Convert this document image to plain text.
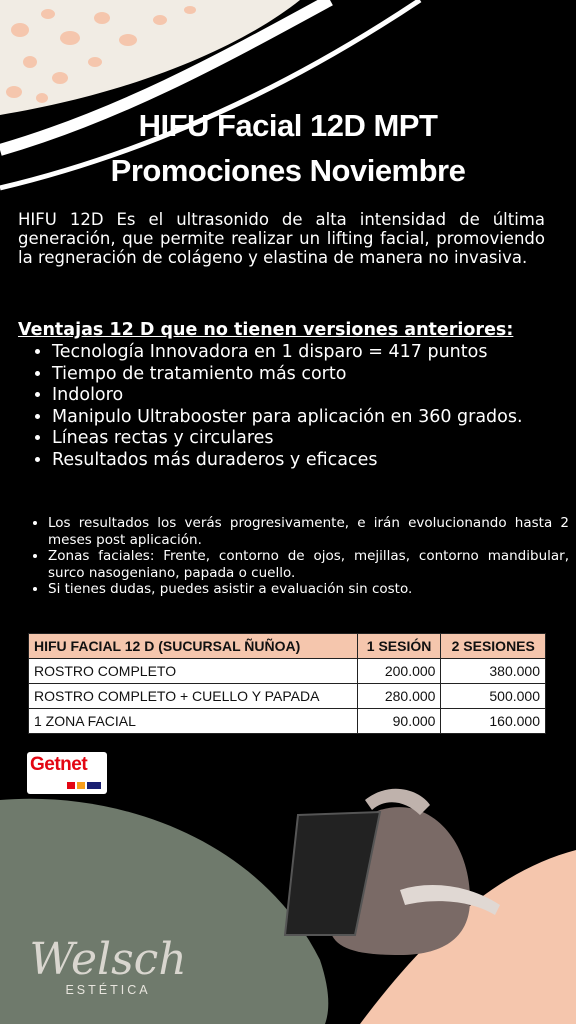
HIFU Facial 12D MPT
Promociones Noviembre
HIFU 12D Es el ultrasonido de alta intensidad de última generación, que permite realizar un lifting facial, promoviendo la regneración de colágeno y elastina de manera no invasiva.
Ventajas 12 D que no tienen versiones anteriores:
• Tecnología Innovadora en 1 disparo = 417 puntos
• Tiempo de tratamiento más corto
• Indoloro
• Manipulo Ultrabooster para aplicación en 360 grados.
• Líneas rectas y circulares
• Resultados más duraderos y eficaces
• Los resultados los verás progresivamente, e irán evolucionando hasta 2 meses post aplicación.
• Zonas faciales: Frente, contorno de ojos, mejillas, contorno mandibular, surco nasogeniano, papada o cuello.
• Si tienes dudas, puedes asistir a evaluación sin costo.
HIFU FACIAL 12 D (SUCURSAL ÑUÑOA)	1 SESIÓN	2 SESIONES
ROSTRO COMPLETO	200.000	380.000
ROSTRO COMPLETO + CUELLO Y PAPADA	280.000	500.000
1 ZONA FACIAL	90.000	160.000
Getnet
Welsch
ESTÉTICA
